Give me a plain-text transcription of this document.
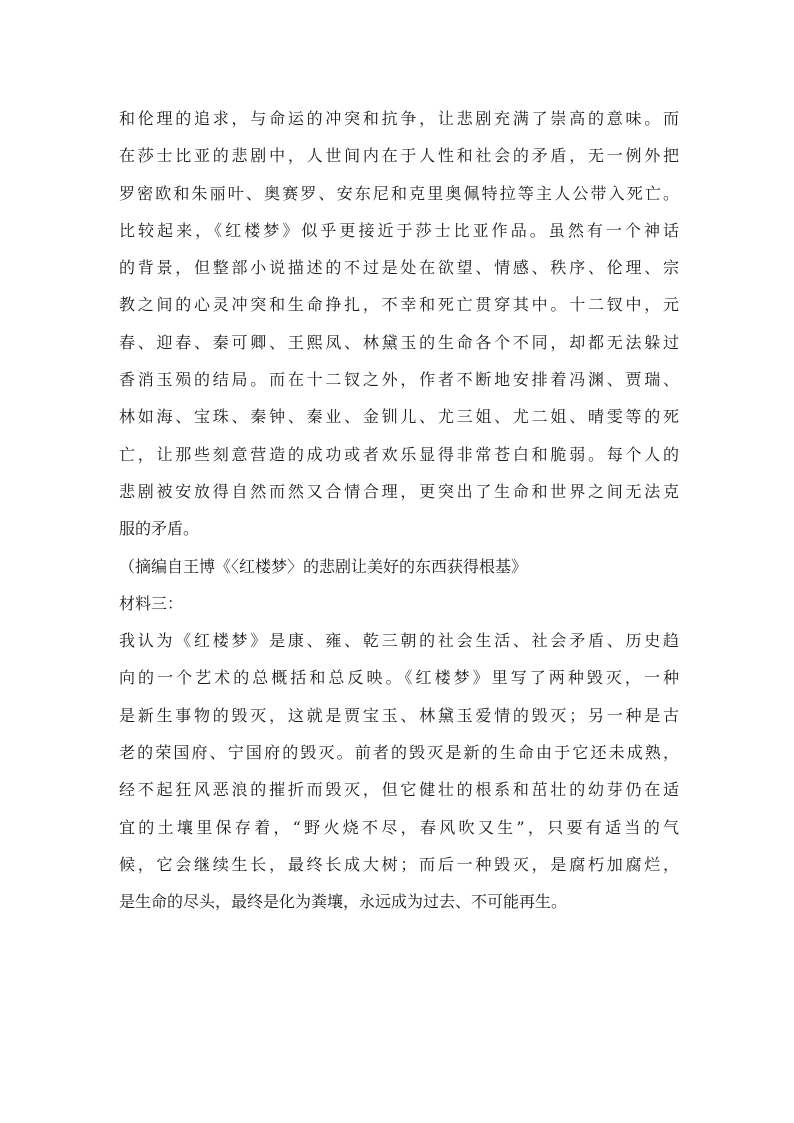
和伦理的追求，与命运的冲突和抗争，让悲剧充满了崇高的意味。而
在莎士比亚的悲剧中，人世间内在于人性和社会的矛盾，无一例外把
罗密欧和朱丽叶、奥赛罗、安东尼和克里奥佩特拉等主人公带入死亡。
比较起来，《红楼梦》似乎更接近于莎士比亚作品。虽然有一个神话
的背景，但整部小说描述的不过是处在欲望、情感、秩序、伦理、宗
教之间的心灵冲突和生命挣扎，不幸和死亡贯穿其中。十二钗中，元
春、迎春、秦可卿、王熙凤、林黛玉的生命各个不同，却都无法躲过
香消玉殒的结局。而在十二钗之外，作者不断地安排着冯渊、贾瑞、
林如海、宝珠、秦钟、秦业、金钏儿、尤三姐、尤二姐、晴雯等的死
亡，让那些刻意营造的成功或者欢乐显得非常苍白和脆弱。每个人的
悲剧被安放得自然而然又合情合理，更突出了生命和世界之间无法克
服的矛盾。
（摘编自王博《〈红楼梦〉的悲剧让美好的东西获得根基》
材料三：
我认为《红楼梦》是康、雍、乾三朝的社会生活、社会矛盾、历史趋
向的一个艺术的总概括和总反映。《红楼梦》里写了两种毁灭，一种
是新生事物的毁灭，这就是贾宝玉、林黛玉爱情的毁灭；另一种是古
老的荣国府、宁国府的毁灭。前者的毁灭是新的生命由于它还未成熟，
经不起狂风恶浪的摧折而毁灭，但它健壮的根系和茁壮的幼芽仍在适
宜的土壤里保存着，“野火烧不尽，春风吹又生”，只要有适当的气
候，它会继续生长，最终长成大树；而后一种毁灭，是腐朽加腐烂，
是生命的尽头，最终是化为粪壤，永远成为过去、不可能再生。
